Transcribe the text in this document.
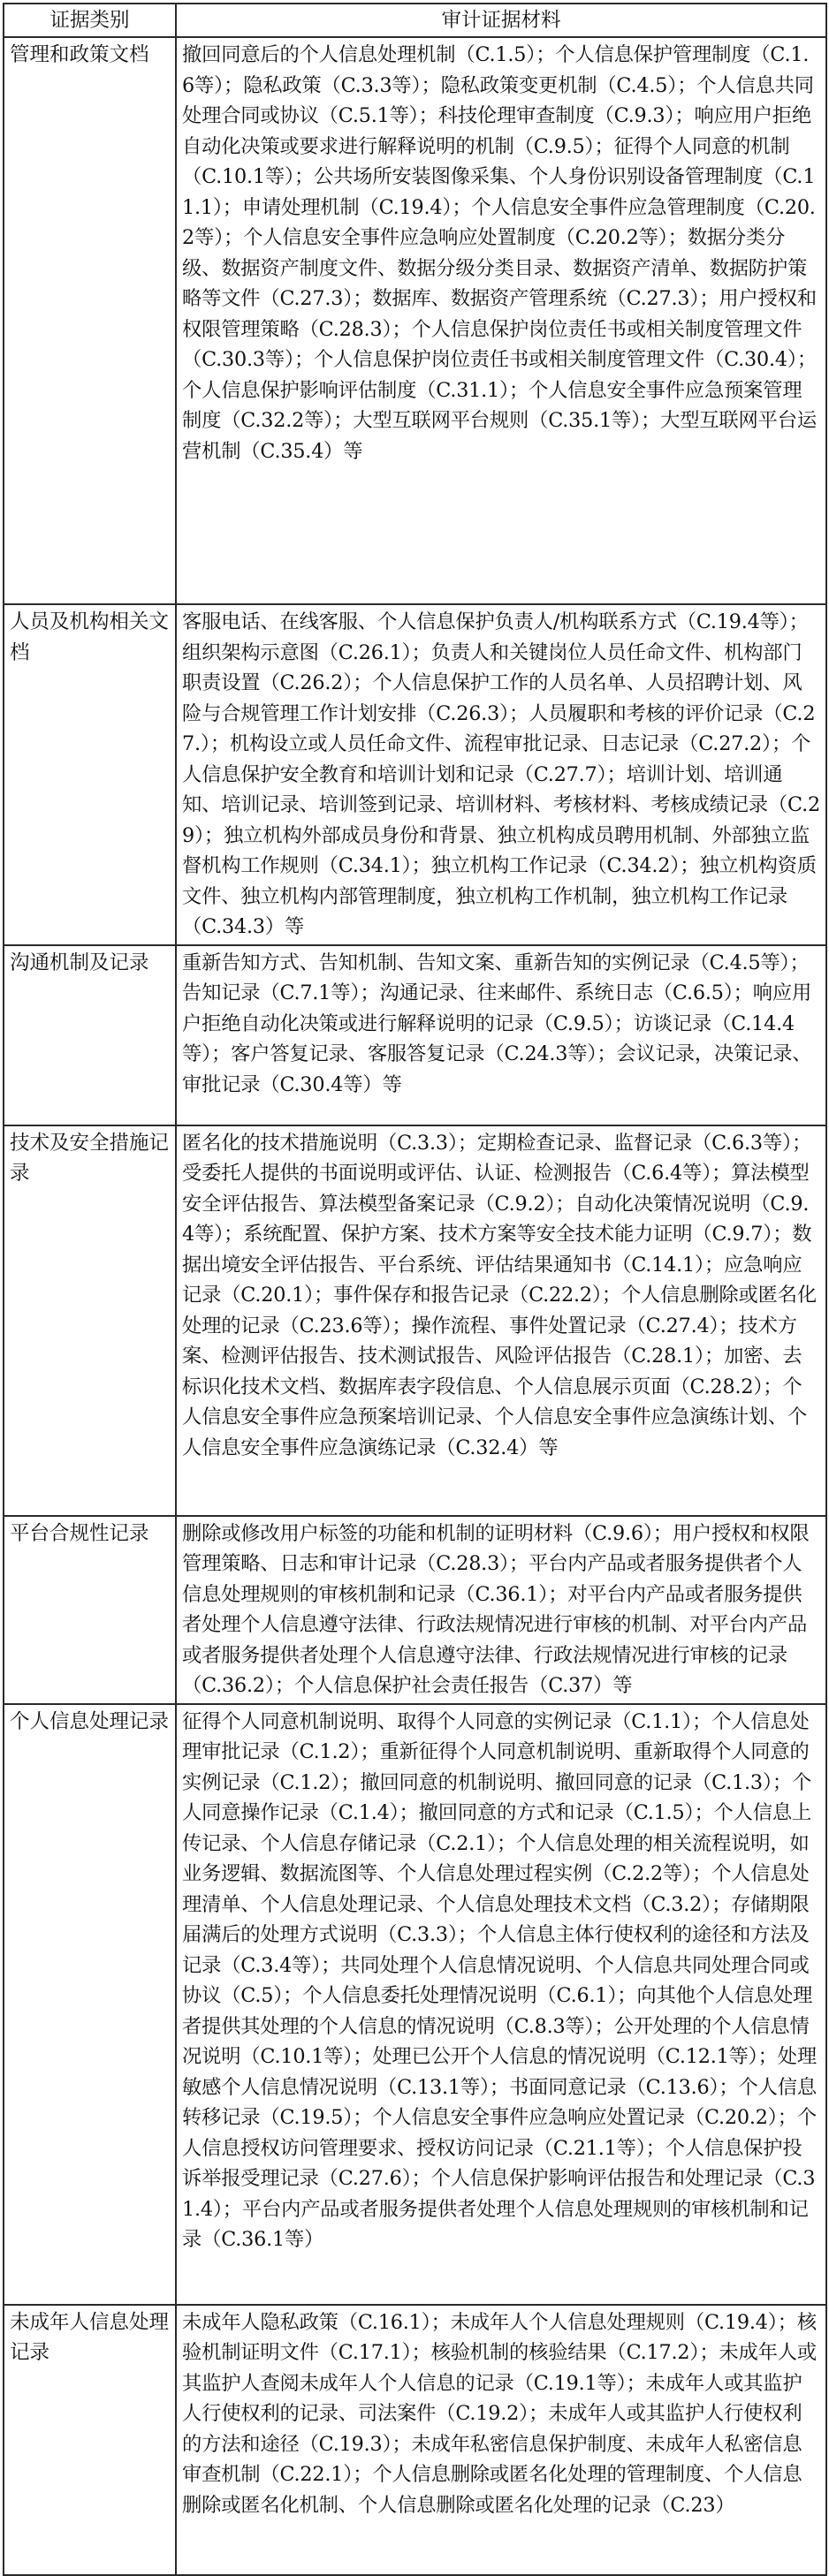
证据类别	审计证据材料
管理和政策文档	撤回同意后的个人信息处理机制（C.1.5）；个人信息保护管理制度（C.1.6等）；隐私政策（C.3.3等）；隐私政策变更机制（C.4.5）；个人信息共同处理合同或协议（C.5.1等）；科技伦理审查制度（C.9.3）；响应用户拒绝自动化决策或要求进行解释说明的机制（C.9.5）；征得个人同意的机制（C.10.1等）；公共场所安装图像采集、个人身份识别设备管理制度（C.11.1）；申请处理机制（C.19.4）；个人信息安全事件应急管理制度（C.20.2等）；个人信息安全事件应急响应处置制度（C.20.2等）；数据分类分级、数据资产制度文件、数据分级分类目录、数据资产清单、数据防护策略等文件（C.27.3）；数据库、数据资产管理系统（C.27.3）；用户授权和权限管理策略（C.28.3）；个人信息保护岗位责任书或相关制度管理文件（C.30.3等）；个人信息保护岗位责任书或相关制度管理文件（C.30.4）；个人信息保护影响评估制度（C.31.1）；个人信息安全事件应急预案管理制度（C.32.2等）；大型互联网平台规则（C.35.1等）；大型互联网平台运营机制（C.35.4）等
人员及机构相关文档	客服电话、在线客服、个人信息保护负责人/机构联系方式（C.19.4等）；组织架构示意图（C.26.1）；负责人和关键岗位人员任命文件、机构部门职责设置（C.26.2）；个人信息保护工作的人员名单、人员招聘计划、风险与合规管理工作计划安排（C.26.3）；人员履职和考核的评价记录（C.27.）；机构设立或人员任命文件、流程审批记录、日志记录（C.27.2）；个人信息保护安全教育和培训计划和记录（C.27.7）；培训计划、培训通知、培训记录、培训签到记录、培训材料、考核材料、考核成绩记录（C.29）；独立机构外部成员身份和背景、独立机构成员聘用机制、外部独立监督机构工作规则（C.34.1）；独立机构工作记录（C.34.2）；独立机构资质文件、独立机构内部管理制度，独立机构工作机制，独立机构工作记录（C.34.3）等
沟通机制及记录	重新告知方式、告知机制、告知文案、重新告知的实例记录（C.4.5等）；告知记录（C.7.1等）；沟通记录、往来邮件、系统日志（C.6.5）；响应用户拒绝自动化决策或进行解释说明的记录（C.9.5）；访谈记录（C.14.4等）；客户答复记录、客服答复记录（C.24.3等）；会议记录，决策记录、审批记录（C.30.4等）等
技术及安全措施记录	匿名化的技术措施说明（C.3.3）；定期检查记录、监督记录（C.6.3等）；受委托人提供的书面说明或评估、认证、检测报告（C.6.4等）；算法模型安全评估报告、算法模型备案记录（C.9.2）；自动化决策情况说明（C.9.4等）；系统配置、保护方案、技术方案等安全技术能力证明（C.9.7）；数据出境安全评估报告、平台系统、评估结果通知书（C.14.1）；应急响应记录（C.20.1）；事件保存和报告记录（C.22.2）；个人信息删除或匿名化处理的记录（C.23.6等）；操作流程、事件处置记录（C.27.4）；技术方案、检测评估报告、技术测试报告、风险评估报告（C.28.1）；加密、去标识化技术文档、数据库表字段信息、个人信息展示页面（C.28.2）；个人信息安全事件应急预案培训记录、个人信息安全事件应急演练计划、个人信息安全事件应急演练记录（C.32.4）等
平台合规性记录	删除或修改用户标签的功能和机制的证明材料（C.9.6）；用户授权和权限管理策略、日志和审计记录（C.28.3）；平台内产品或者服务提供者个人信息处理规则的审核机制和记录（C.36.1）；对平台内产品或者服务提供者处理个人信息遵守法律、行政法规情况进行审核的机制、对平台内产品或者服务提供者处理个人信息遵守法律、行政法规情况进行审核的记录（C.36.2）；个人信息保护社会责任报告（C.37）等
个人信息处理记录	征得个人同意机制说明、取得个人同意的实例记录（C.1.1）；个人信息处理审批记录（C.1.2）；重新征得个人同意机制说明、重新取得个人同意的实例记录（C.1.2）；撤回同意的机制说明、撤回同意的记录（C.1.3）；个人同意操作记录（C.1.4）；撤回同意的方式和记录（C.1.5）；个人信息上传记录、个人信息存储记录（C.2.1）；个人信息处理的相关流程说明，如业务逻辑、数据流图等、个人信息处理过程实例（C.2.2等）；个人信息处理清单、个人信息处理记录、个人信息处理技术文档（C.3.2）；存储期限届满后的处理方式说明（C.3.3）；个人信息主体行使权利的途径和方法及记录（C.3.4等）；共同处理个人信息情况说明、个人信息共同处理合同或协议（C.5）；个人信息委托处理情况说明（C.6.1）；向其他个人信息处理者提供其处理的个人信息的情况说明（C.8.3等）；公开处理的个人信息情况说明（C.10.1等）；处理已公开个人信息的情况说明（C.12.1等）；处理敏感个人信息情况说明（C.13.1等）；书面同意记录（C.13.6）；个人信息转移记录（C.19.5）；个人信息安全事件应急响应处置记录（C.20.2）；个人信息授权访问管理要求、授权访问记录（C.21.1等）；个人信息保护投诉举报受理记录（C.27.6）；个人信息保护影响评估报告和处理记录（C.31.4）；平台内产品或者服务提供者处理个人信息处理规则的审核机制和记录（C.36.1等）
未成年人信息处理记录	未成年人隐私政策（C.16.1）；未成年人个人信息处理规则（C.19.4）；核验机制证明文件（C.17.1）；核验机制的核验结果（C.17.2）；未成年人或其监护人查阅未成年人个人信息的记录（C.19.1等）；未成年人或其监护人行使权利的记录、司法案件（C.19.2）；未成年人或其监护人行使权利的方法和途径（C.19.3）；未成年私密信息保护制度、未成年人私密信息审查机制（C.22.1）；个人信息删除或匿名化处理的管理制度、个人信息删除或匿名化机制、个人信息删除或匿名化处理的记录（C.23）
